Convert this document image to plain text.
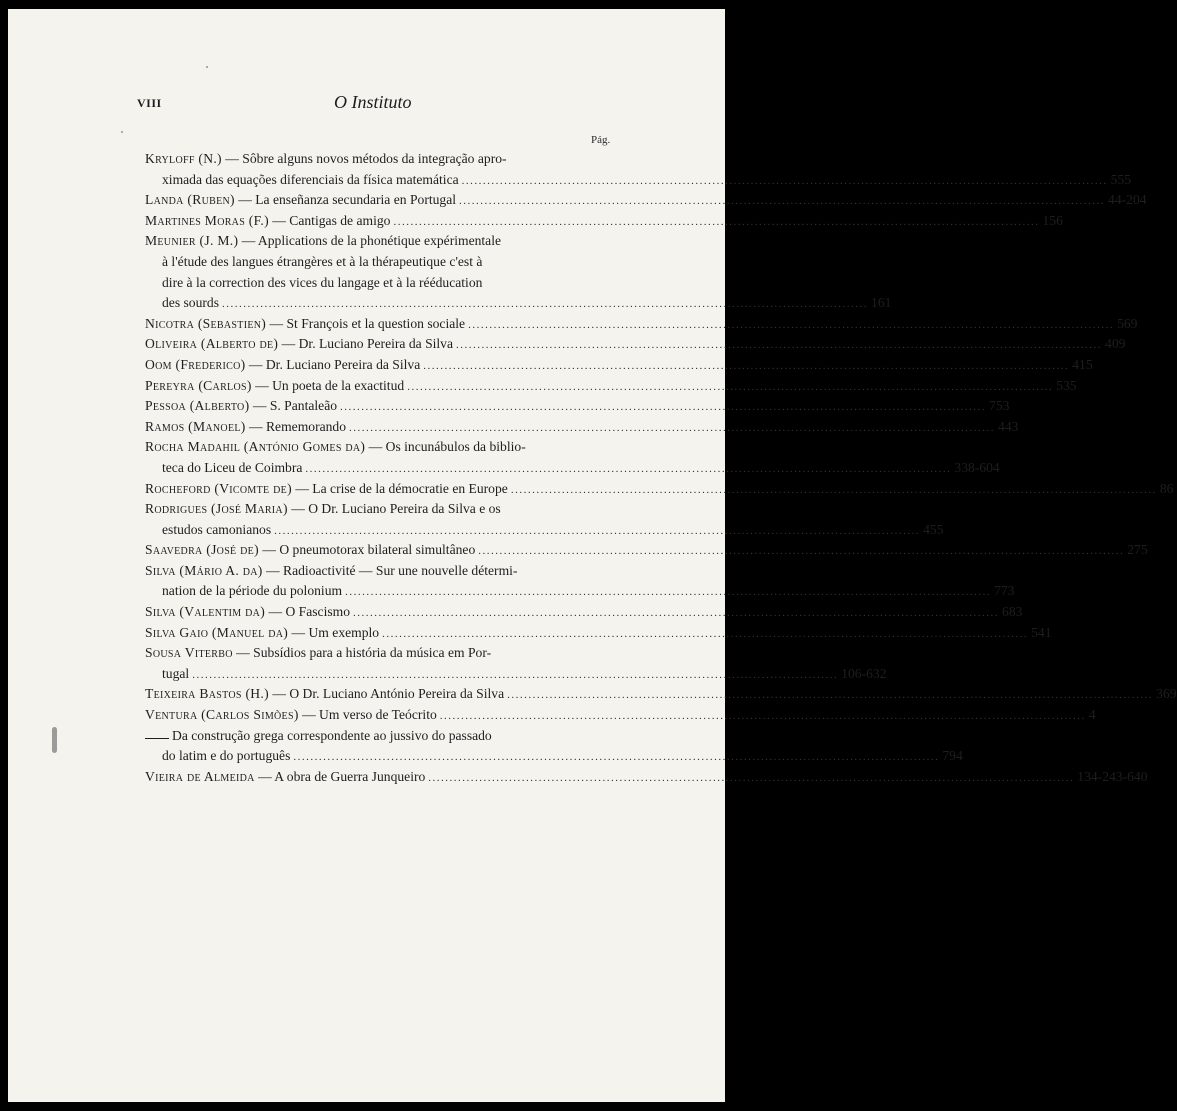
VIII	O Instituto
Pág.
Kryloff (N.)
— Sôbre alguns novos métodos da integração apro-
ximada das equações diferenciais da física matemática .....	555
Landa (Ruben)
— La enseñanza secundaria en Portugal .....	44-204
Martines Moras (F.)
— Cantigas de amigo .....	156
Meunier (J. M.)
— Applications de la phonétique expérimentale
à l'étude des langues étrangères et à la thérapeutique c'est à
dire à la correction des vices du langage et à la rééducation
des sourds .....	161
Nicotra (Sebastien)
— St François et la question sociale .....	569
Oliveira (Alberto de)
— Dr. Luciano Pereira da Silva .....	409
Oom (Frederico)
— Dr. Luciano Pereira da Silva .....	415
Pereyra (Carlos)
— Un poeta de la exactitud .....	535
Pessoa (Alberto)
— S. Pantaleão .....	753
Ramos (Manoel)
— Rememorando .....	443
Rocha Madahil (António Gomes da)
— Os incunábulos da biblio-
teca do Liceu de Coimbra .....	338-604
Rocheford (Vicomte de)
— La crise de la démocratie en Europe .....	86
Rodrigues (José Maria)
— O Dr. Luciano Pereira da Silva e os
estudos camonianos .....	455
Saavedra (José de)
— O pneumotorax bilateral simultâneo .....	275
Silva (Mário A. da)
— Radioactivité — Sur une nouvelle détermi-
nation de la période du polonium .....	773
Silva (Valentim da)
— O Fascismo .....	683
Silva Gaio (Manuel da)
— Um exemplo .....	541
Sousa Viterbo
— Subsídios para a história da música em Por-
tugal .....	106-632
Teixeira Bastos (H.)
— O Dr. Luciano António Pereira da Silva .....	369
Ventura (Carlos Simões)
— Um verso de Teócrito .....	4
Da construção grega correspondente ao jussivo do passado
do latim e do português .....	794
Vieira de Almeida
— A obra de Guerra Junqueiro .....	134-243-640
